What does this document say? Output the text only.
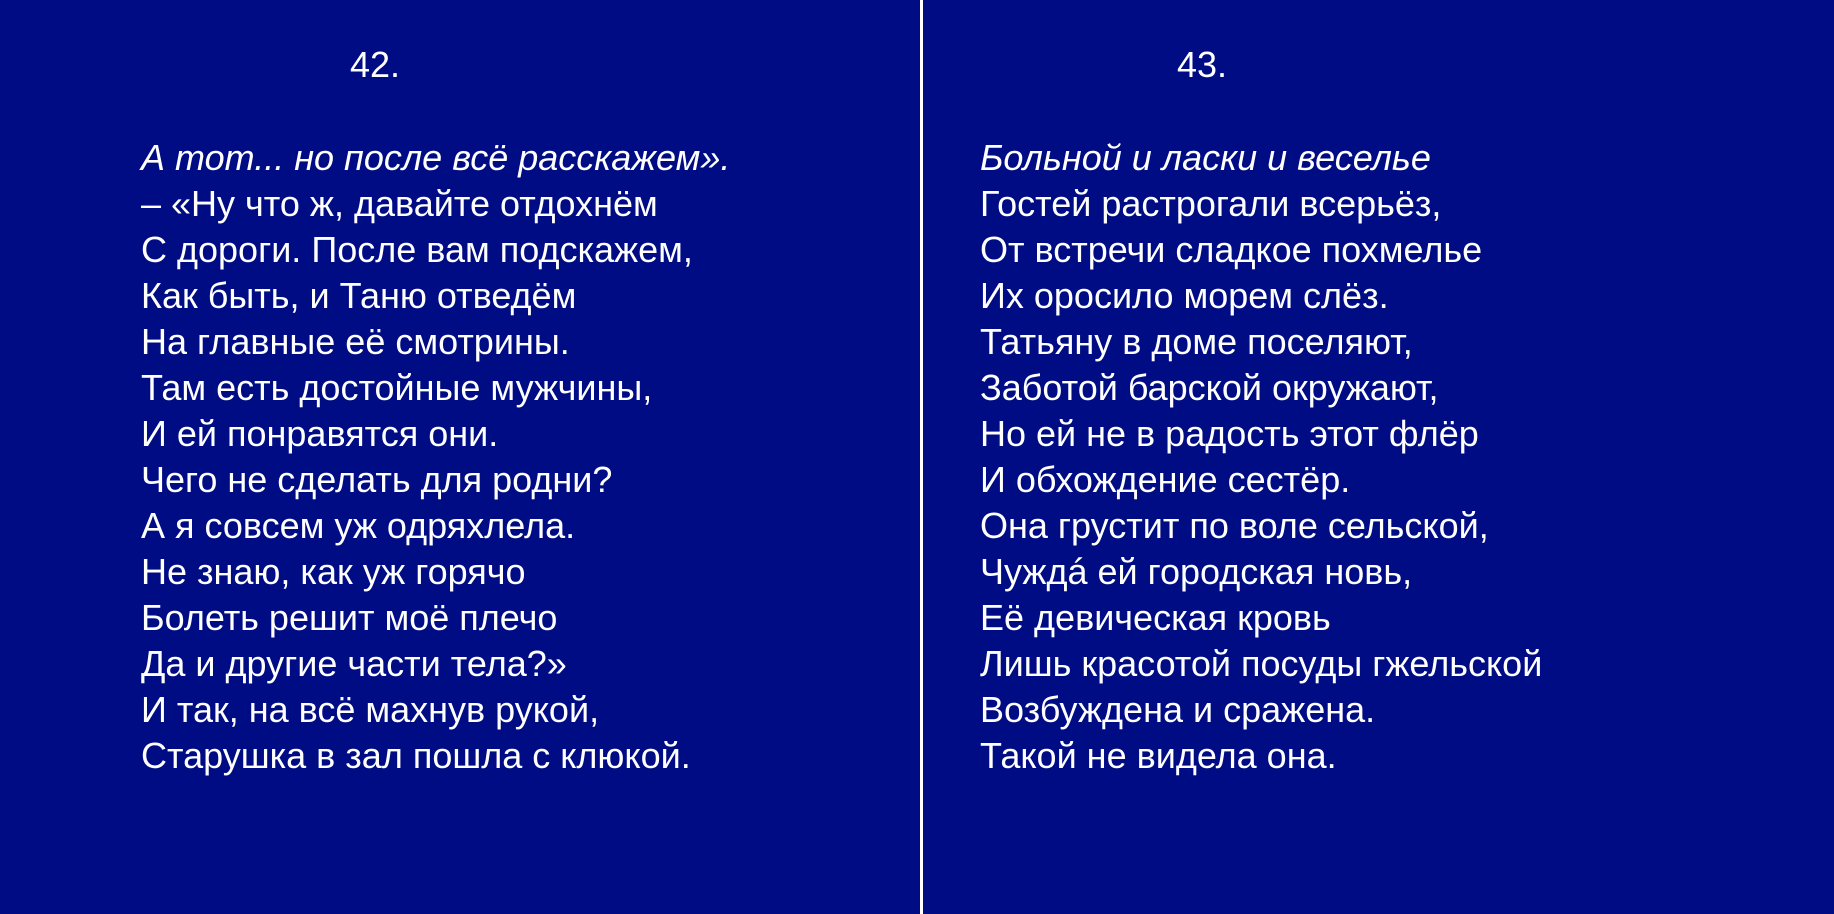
42.
А тот... но после всё расскажем».
– «Ну что ж, давайте отдохнём
С дороги. После вам подскажем,
Как быть, и Таню отведём
На главные её смотрины.
Там есть достойные мужчины,
И ей понравятся они.
Чего не сделать для родни?
А я совсем уж одряхлела.
Не знаю, как уж горячо
Болеть решит моё плечо
Да и другие части тела?»
И так, на всё махнув рукой,
Старушка в зал пошла с клюкой.
43.
Больной и ласки и веселье
Гостей растрогали всерьёз,
От встречи сладкое похмелье
Их оросило морем слёз.
Татьяну в доме поселяют,
Заботой барской окружают,
Но ей не в радость этот флёр
И обхождение сестёр.
Она грустит по воле сельской,
Чуждá ей городская новь,
Её девическая кровь
Лишь красотой посуды гжельской
Возбуждена и сражена.
Такой не видела она.
